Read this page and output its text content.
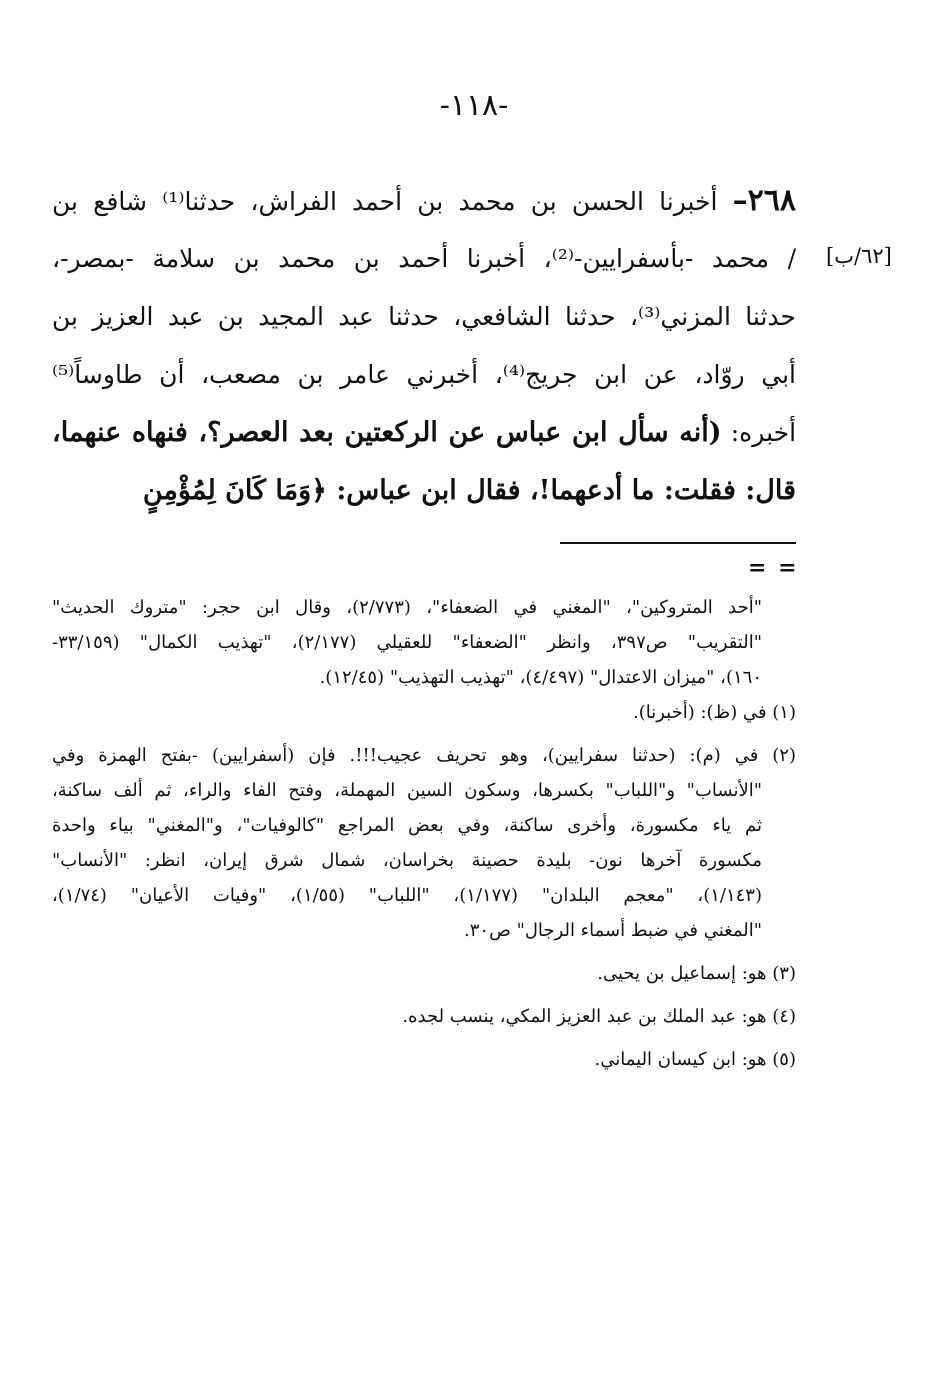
-١١٨-
[٦٢/ب]
٢٦٨– أخبرنا الحسن بن محمد بن أحمد الفراش، حدثنا⁽¹⁾ شافع بن
/ محمد -بأسفرايين-⁽²⁾، أخبرنا أحمد بن محمد بن سلامة -بمصر-،
حدثنا المزني⁽³⁾، حدثنا الشافعي، حدثنا عبد المجيد بن عبد العزيز بن
أبي روّاد، عن ابن جريج⁽⁴⁾، أخبرني عامر بن مصعب، أن طاوساً⁽⁵⁾
أخبره: (أنه سأل ابن عباس عن الركعتين بعد العصر؟، فنهاه عنهما،
قال: فقلت: ما أدعهما!، فقال ابن عباس: ﴿وَمَا كَانَ لِمُؤْمِنٍ
= =
"أحد المتروكين"، "المغني في الضعفاء"، (٢/٧٧٣)، وقال ابن حجر: "متروك الحديث"
"التقريب" ص٣٩٧، وانظر "الضعفاء" للعقيلي (٢/١٧٧)، "تهذيب الكمال" (٣٣/١٥٩-
١٦٠)، "ميزان الاعتدال" (٤/٤٩٧)، "تهذيب التهذيب" (١٢/٤٥).
(١) في (ظ): (أخبرنا).
(٢) في (م): (حدثنا سفرايين)، وهو تحريف عجيب!!!. فإن (أسفرايين) -بفتح الهمزة وفي
"الأنساب" و"اللباب" بكسرها، وسكون السين المهملة، وفتح الفاء والراء، ثم ألف ساكنة،
ثم ياء مكسورة، وأخرى ساكنة، وفي بعض المراجع "كالوفيات"، و"المغني" بياء واحدة
مكسورة آخرها نون- بليدة حصينة بخراسان، شمال شرق إيران، انظر: "الأنساب"
(١/١٤٣)، "معجم البلدان" (١/١٧٧)، "اللباب" (١/٥٥)، "وفيات الأعيان" (١/٧٤)،
"المغني في ضبط أسماء الرجال" ص٣٠.
(٣) هو: إسماعيل بن يحيى.
(٤) هو: عبد الملك بن عبد العزيز المكي، ينسب لجده.
(٥) هو: ابن كيسان اليماني.
